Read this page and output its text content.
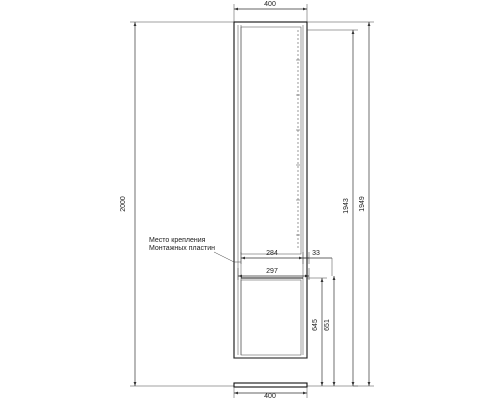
400
2000	1943 1949
284	33
297
Место крепления
Монтажных пластин
645 651
400
